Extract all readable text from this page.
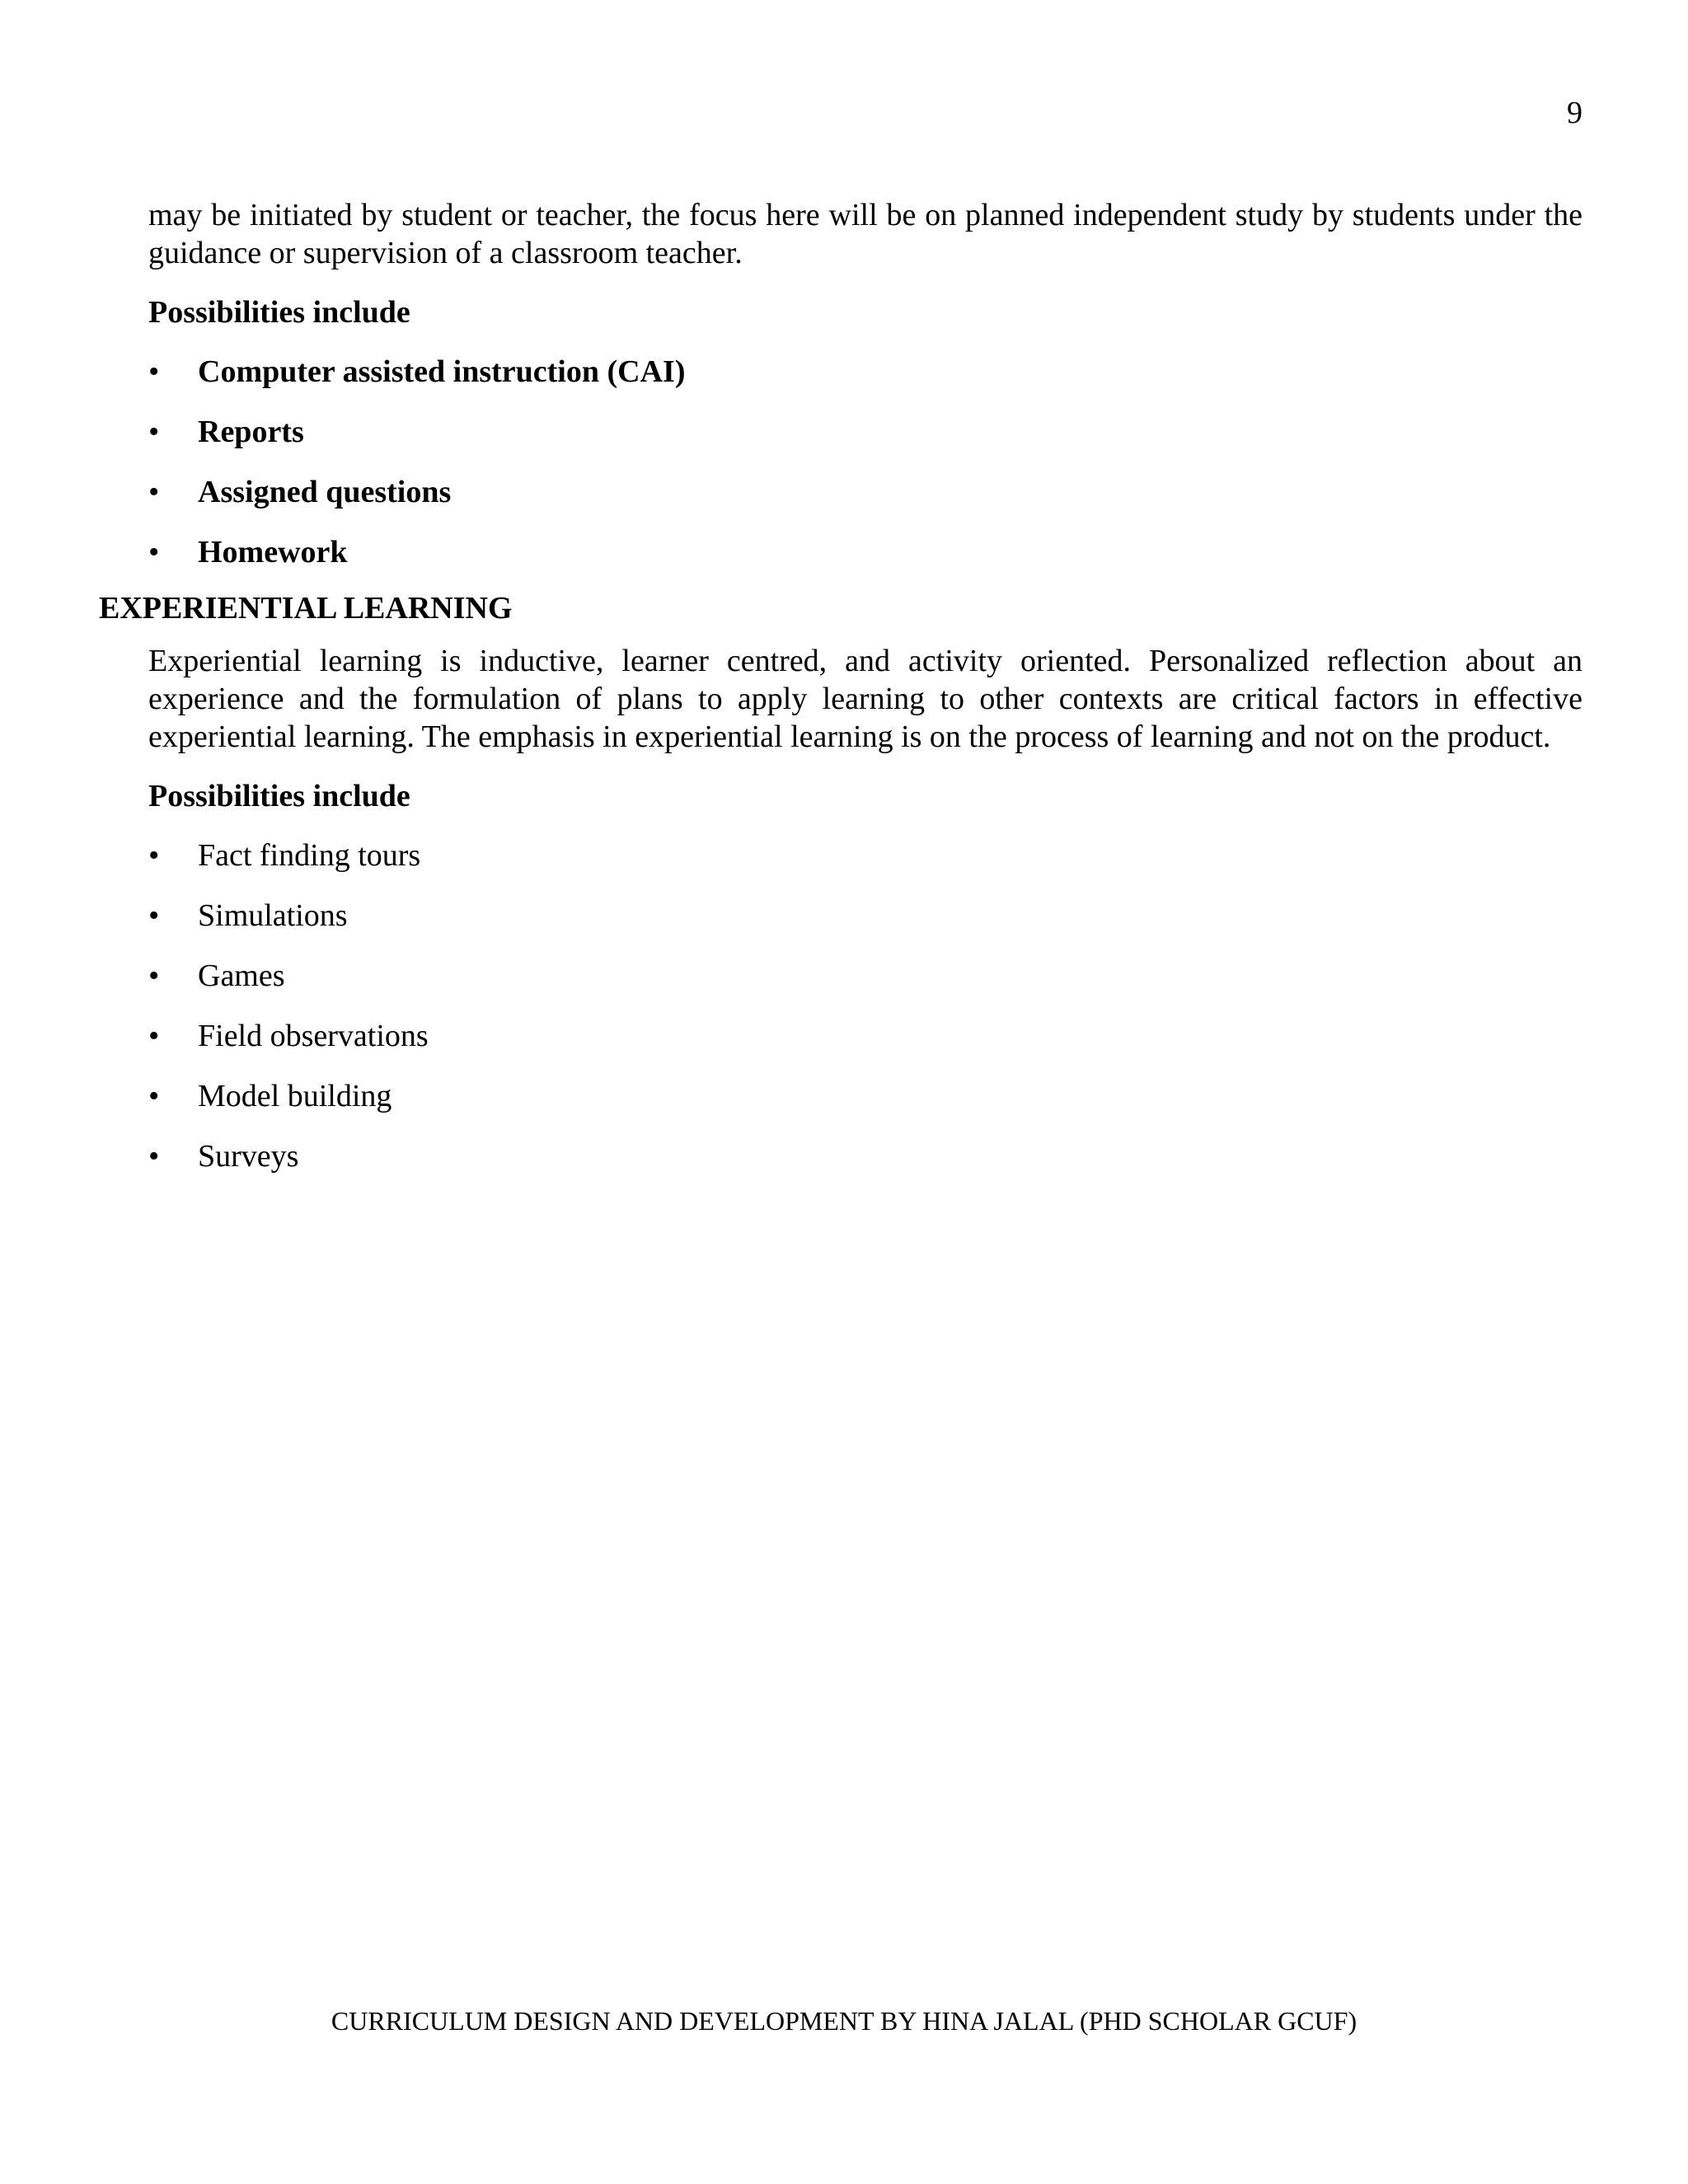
9

may be initiated by student or teacher, the focus here will be on planned independent study by students under the guidance or supervision of a classroom teacher.

Possibilities include
• Computer assisted instruction (CAI)
• Reports
• Assigned questions
• Homework
EXPERIENTIAL LEARNING

Experiential learning is inductive, learner centred, and activity oriented. Personalized reflection about an experience and the formulation of plans to apply learning to other contexts are critical factors in effective experiential learning. The emphasis in experiential learning is on the process of learning and not on the product.

Possibilities include
• Fact finding tours
• Simulations
• Games
• Field observations
• Model building
• Surveys
CURRICULUM DESIGN AND DEVELOPMENT BY HINA JALAL (PHD SCHOLAR GCUF)
